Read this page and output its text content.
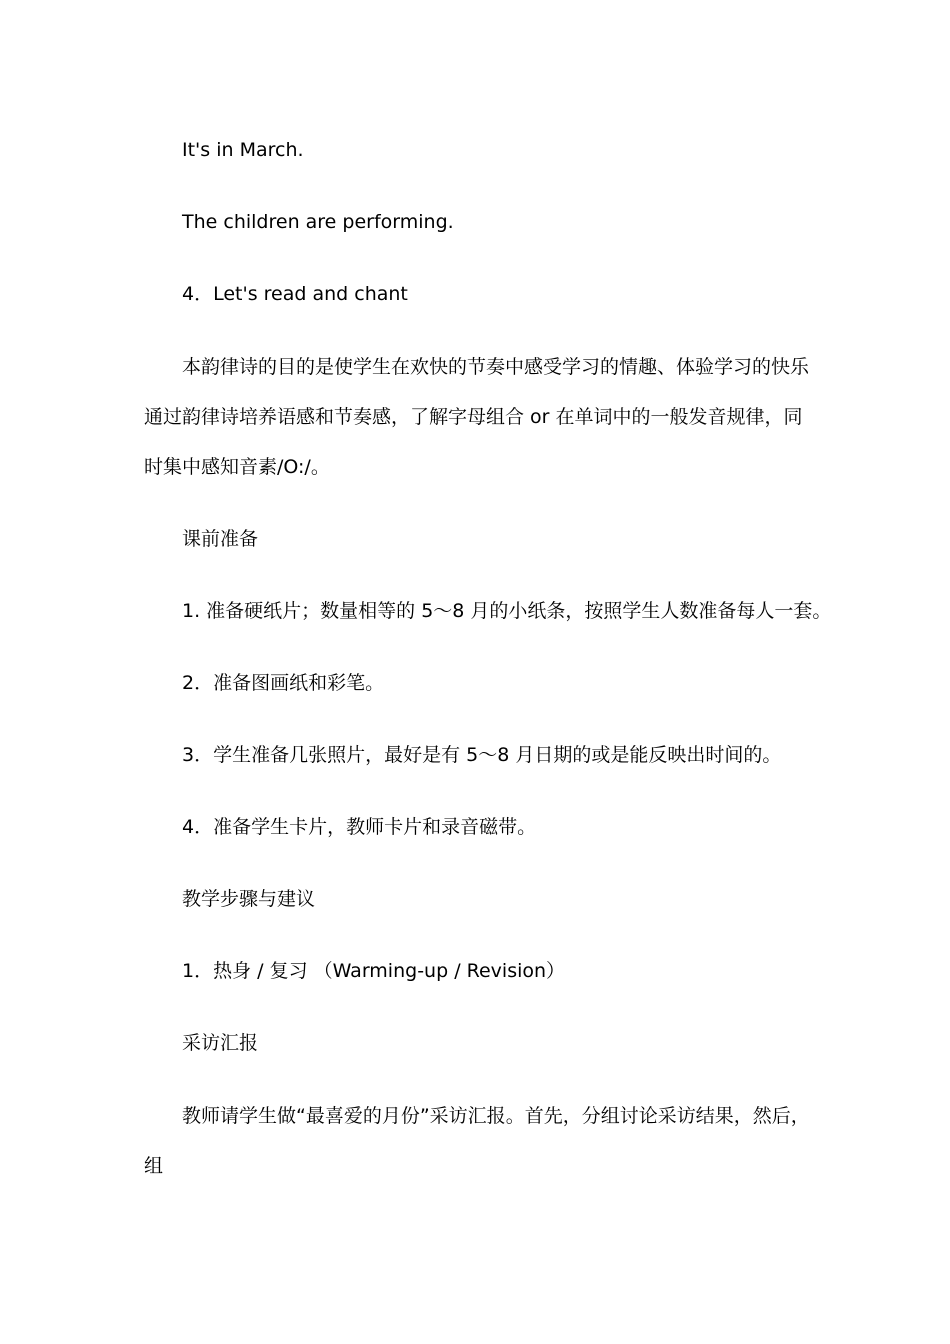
It's in March.

The children are performing.

4．Let's read and chant

本韵律诗的目的是使学生在欢快的节奏中感受学习的情趣、体验学习的快乐通过韵律诗培养语感和节奏感，了解字母组合 or 在单词中的一般发音规律，同时集中感知音素/O:/。

课前准备

1. 准备硬纸片；数量相等的 5～8 月的小纸条，按照学生人数准备每人一套。

2．准备图画纸和彩笔。

3．学生准备几张照片，最好是有 5～8 月日期的或是能反映出时间的。

4．准备学生卡片，教师卡片和录音磁带。

教学步骤与建议

1．热身 / 复习 （Warming-up / Revision）

采访汇报

教师请学生做“最喜爱的月份”采访汇报。首先，分组讨论采访结果，然后，组
